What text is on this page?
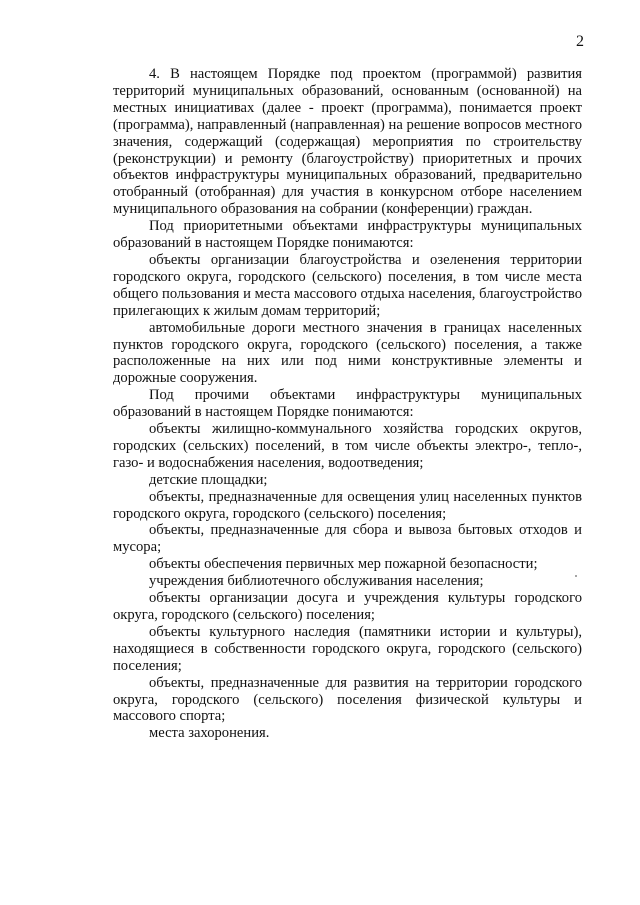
2

4. В настоящем Порядке под проектом (программой) развития территорий муниципальных образований, основанным (основанной) на местных инициативах (далее - проект (программа), понимается проект (программа), направленный (направленная) на решение вопросов местного значения, содержащий (содержащая) мероприятия по строительству (реконструкции) и ремонту (благоустройству) приоритетных и прочих объектов инфраструктуры муниципальных образований, предварительно отобранный (отобранная) для участия в конкурсном отборе населением муниципального образования на собрании (конференции) граждан.

Под приоритетными объектами инфраструктуры муниципальных образований в настоящем Порядке понимаются:

объекты организации благоустройства и озеленения территории городского округа, городского (сельского) поселения, в том числе места общего пользования и места массового отдыха населения, благоустройство прилегающих к жилым домам территорий;

автомобильные дороги местного значения в границах населенных пунктов городского округа, городского (сельского) поселения, а также расположенные на них или под ними конструктивные элементы и дорожные сооружения.

Под прочими объектами инфраструктуры муниципальных образований в настоящем Порядке понимаются:

объекты жилищно-коммунального хозяйства городских округов, городских (сельских) поселений, в том числе объекты электро-, тепло-, газо- и водоснабжения населения, водоотведения;

детские площадки;

объекты, предназначенные для освещения улиц населенных пунктов городского округа, городского (сельского) поселения;

объекты, предназначенные для сбора и вывоза бытовых отходов и мусора;

объекты обеспечения первичных мер пожарной безопасности;

учреждения библиотечного обслуживания населения;

объекты организации досуга и учреждения культуры городского округа, городского (сельского) поселения;

объекты культурного наследия (памятники истории и культуры), находящиеся в собственности городского округа, городского (сельского) поселения;

объекты, предназначенные для развития на территории городского округа, городского (сельского) поселения физической культуры и массового спорта;

места захоронения.
